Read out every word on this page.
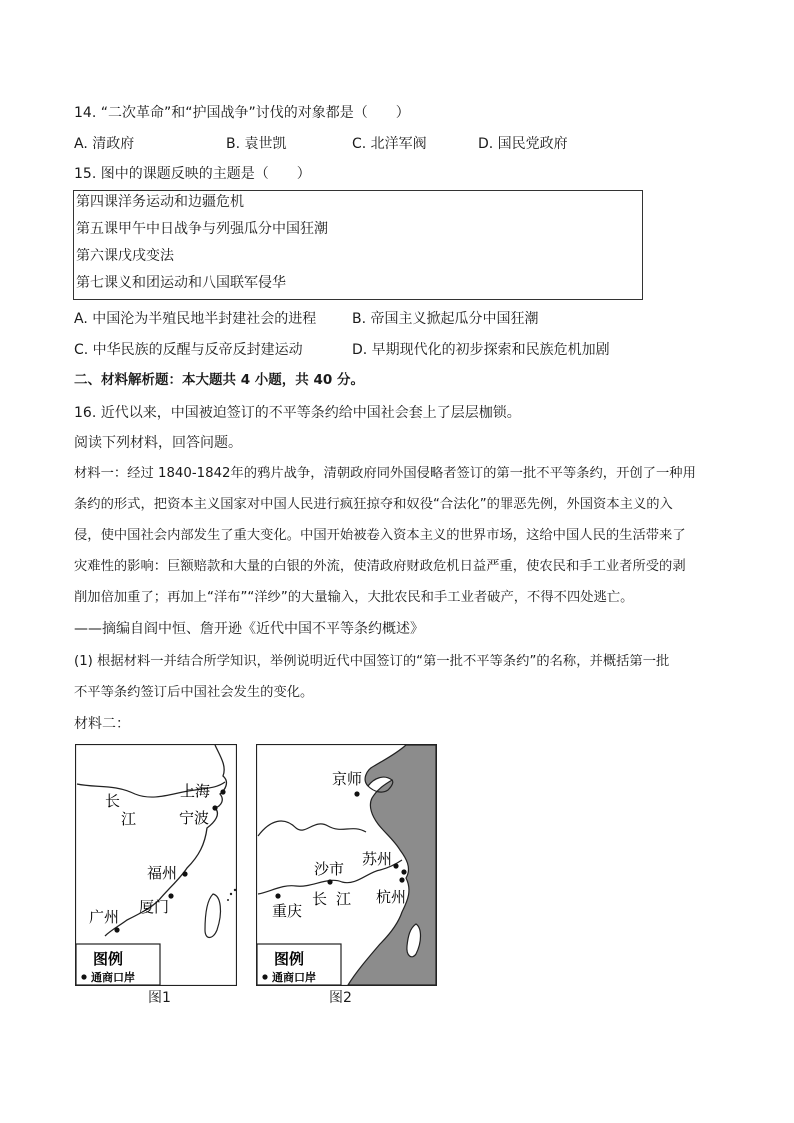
14. “二次革命”和“护国战争”讨伐的对象都是（　　）
A. 清政府	B. 袁世凯	C. 北洋军阀	D. 国民党政府
15. 图中的课题反映的主题是（　　）
第四课洋务运动和边疆危机
第五课甲午中日战争与列强瓜分中国狂潮
第六课戊戌变法
第七课义和团运动和八国联军侵华
A. 中国沦为半殖民地半封建社会的进程	B. 帝国主义掀起瓜分中国狂潮
C. 中华民族的反醒与反帝反封建运动	D. 早期现代化的初步探索和民族危机加剧
二、材料解析题：本大题共 4 小题，共 40 分。
16. 近代以来，中国被迫签订的不平等条约给中国社会套上了层层枷锁。
阅读下列材料，回答问题。
材料一：经过 1840-1842年的鸦片战争，清朝政府同外国侵略者签订的第一批不平等条约，开创了一种用
条约的形式，把资本主义国家对中国人民进行疯狂掠夺和奴役“合法化”的罪恶先例，外国资本主义的入
侵，使中国社会内部发生了重大变化。中国开始被卷入资本主义的世界市场，这给中国人民的生活带来了
灾难性的影响：巨额赔款和大量的白银的外流，使清政府财政危机日益严重，使农民和手工业者所受的剥
削加倍加重了；再加上“洋布”“洋纱”的大量输入，大批农民和手工业者破产，不得不四处逃亡。
——摘编自阎中恒、詹开逊《近代中国不平等条约概述》
(1) 根据材料一并结合所学知识，举例说明近代中国签订的“第一批不平等条约”的名称，并概括第一批
不平等条约签订后中国社会发生的变化。
材料二：
长
江
上海
宁波
福州
厦门
广州
图例
通商口岸
图1
京师
苏州
沙市
重庆
长 江 杭州
图例
通商口岸
图2
